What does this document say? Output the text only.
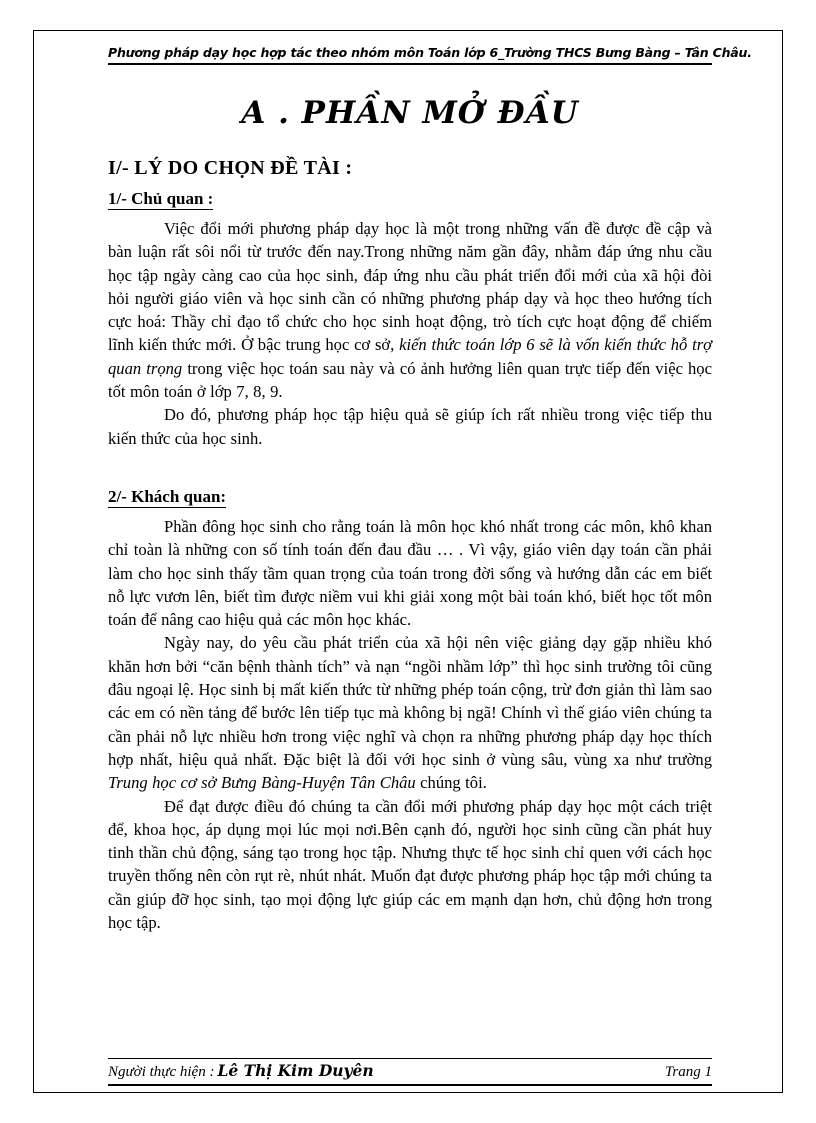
Phương pháp dạy học hợp tác theo nhóm môn Toán lớp 6_Trường THCS Bưng Bàng – Tân Châu.
A . PHẦN MỞ ĐẦU
I/- LÝ DO CHỌN ĐỀ TÀI :
1/- Chủ quan :

Việc đổi mới phương pháp dạy học là một trong những vấn đề được đề cập và bàn luận rất sôi nổi từ trước đến nay.Trong những năm gần đây, nhằm đáp ứng nhu cầu học tập ngày càng cao của học sinh, đáp ứng nhu cầu phát triển đổi mới của xã hội đòi hỏi người giáo viên và học sinh cần có những phương pháp dạy và học theo hướng tích cực hoá: Thầy chỉ đạo tổ chức cho học sinh hoạt động, trò tích cực hoạt động để chiếm lĩnh kiến thức mới. Ở bậc trung học cơ sở, kiến thức toán lớp 6 sẽ là vốn kiến thức hỗ trợ quan trọng trong việc học toán sau này và có ảnh hưởng liên quan trực tiếp đến việc học tốt môn toán ở lớp 7, 8, 9.

Do đó, phương pháp học tập hiệu quả sẽ giúp ích rất nhiều trong việc tiếp thu kiến thức của học sinh.

2/- Khách quan:

Phần đông học sinh cho rằng toán là môn học khó nhất trong các môn, khô khan chỉ toàn là những con số tính toán đến đau đầu … . Vì vậy, giáo viên dạy toán cần phải làm cho học sinh thấy tầm quan trọng của toán trong đời sống và hướng dẫn các em biết nỗ lực vươn lên, biết tìm được niềm vui khi giải xong một bài toán khó, biết học tốt môn toán để nâng cao hiệu quả các môn học khác.

Ngày nay, do yêu cầu phát triển của xã hội nên việc giảng dạy gặp nhiều khó khăn hơn bởi “căn bệnh thành tích” và nạn “ngồi nhầm lớp” thì học sinh trường tôi cũng đâu ngoại lệ. Học sinh bị mất kiến thức từ những phép toán cộng, trừ đơn giản thì làm sao các em có nền tảng để bước lên tiếp tục mà không bị ngã! Chính vì thế giáo viên chúng ta cần phải nỗ lực nhiều hơn trong việc nghĩ và chọn ra những phương pháp dạy học thích hợp nhất, hiệu quả nhất. Đặc biệt là đối với học sinh ở vùng sâu, vùng xa như trường Trung học cơ sở Bưng Bàng-Huyện Tân Châu chúng tôi.

Để đạt được điều đó chúng ta cần đổi mới phương pháp dạy học một cách triệt để, khoa học, áp dụng mọi lúc mọi nơi.Bên cạnh đó, người học sinh cũng cần phát huy tinh thần chủ động, sáng tạo trong học tập. Nhưng thực tế học sinh chỉ quen với cách học truyền thống nên còn rụt rè, nhút nhát. Muốn đạt được phương pháp học tập mới chúng ta cần giúp đỡ học sinh, tạo mọi động lực giúp các em mạnh dạn hơn, chủ động hơn trong học tập.

Người thực hiện : Lê Thị Kim Duyên	Trang 1
